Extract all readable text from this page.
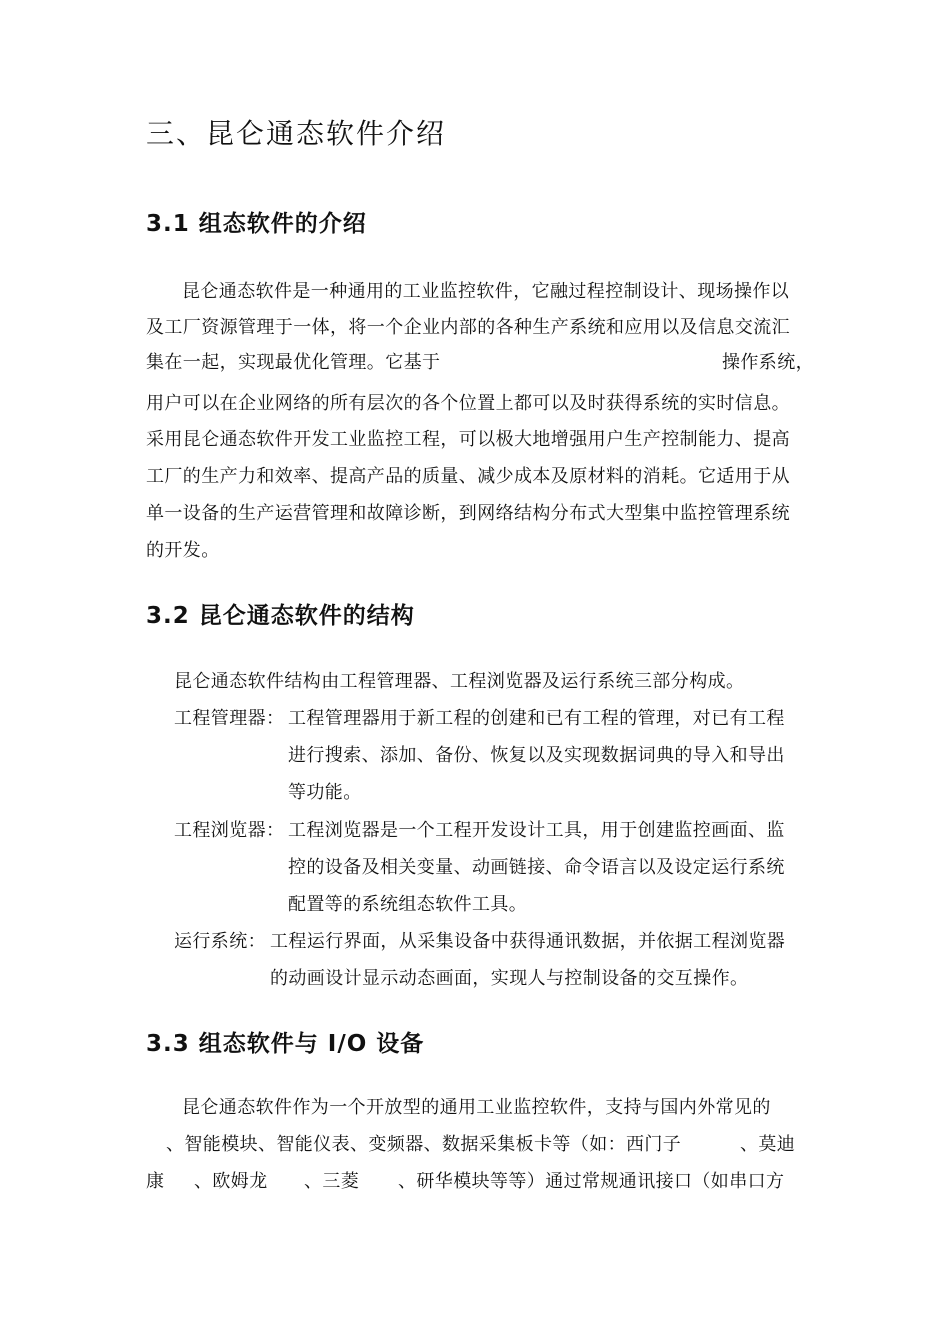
三、昆仑通态软件介绍
3.1 组态软件的介绍
昆仑通态软件是一种通用的工业监控软件，它融过程控制设计、现场操作以
及工厂资源管理于一体，将一个企业内部的各种生产系统和应用以及信息交流汇
集在一起，实现最优化管理。它基于	操作系统，
用户可以在企业网络的所有层次的各个位置上都可以及时获得系统的实时信息。
采用昆仑通态软件开发工业监控工程，可以极大地增强用户生产控制能力、提高
工厂的生产力和效率、提高产品的质量、减少成本及原材料的消耗。它适用于从
单一设备的生产运营管理和故障诊断，到网络结构分布式大型集中监控管理系统
的开发。
3.2 昆仑通态软件的结构
昆仑通态软件结构由工程管理器、工程浏览器及运行系统三部分构成。
工程管理器： 工程管理器用于新工程的创建和已有工程的管理，对已有工程
进行搜索、添加、备份、恢复以及实现数据词典的导入和导出
等功能。
工程浏览器： 工程浏览器是一个工程开发设计工具，用于创建监控画面、监
控的设备及相关变量、动画链接、命令语言以及设定运行系统
配置等的系统组态软件工具。
运行系统： 工程运行界面，从采集设备中获得通讯数据，并依据工程浏览器
的动画设计显示动态画面，实现人与控制设备的交互操作。
3.3 组态软件与 I/O 设备
昆仑通态软件作为一个开放型的通用工业监控软件，支持与国内外常见的
、智能模块、智能仪表、变频器、数据采集板卡等（如：西门子	、莫迪
康 、欧姆龙 、三菱 、研华模块等等）通过常规通讯接口（如串口方
